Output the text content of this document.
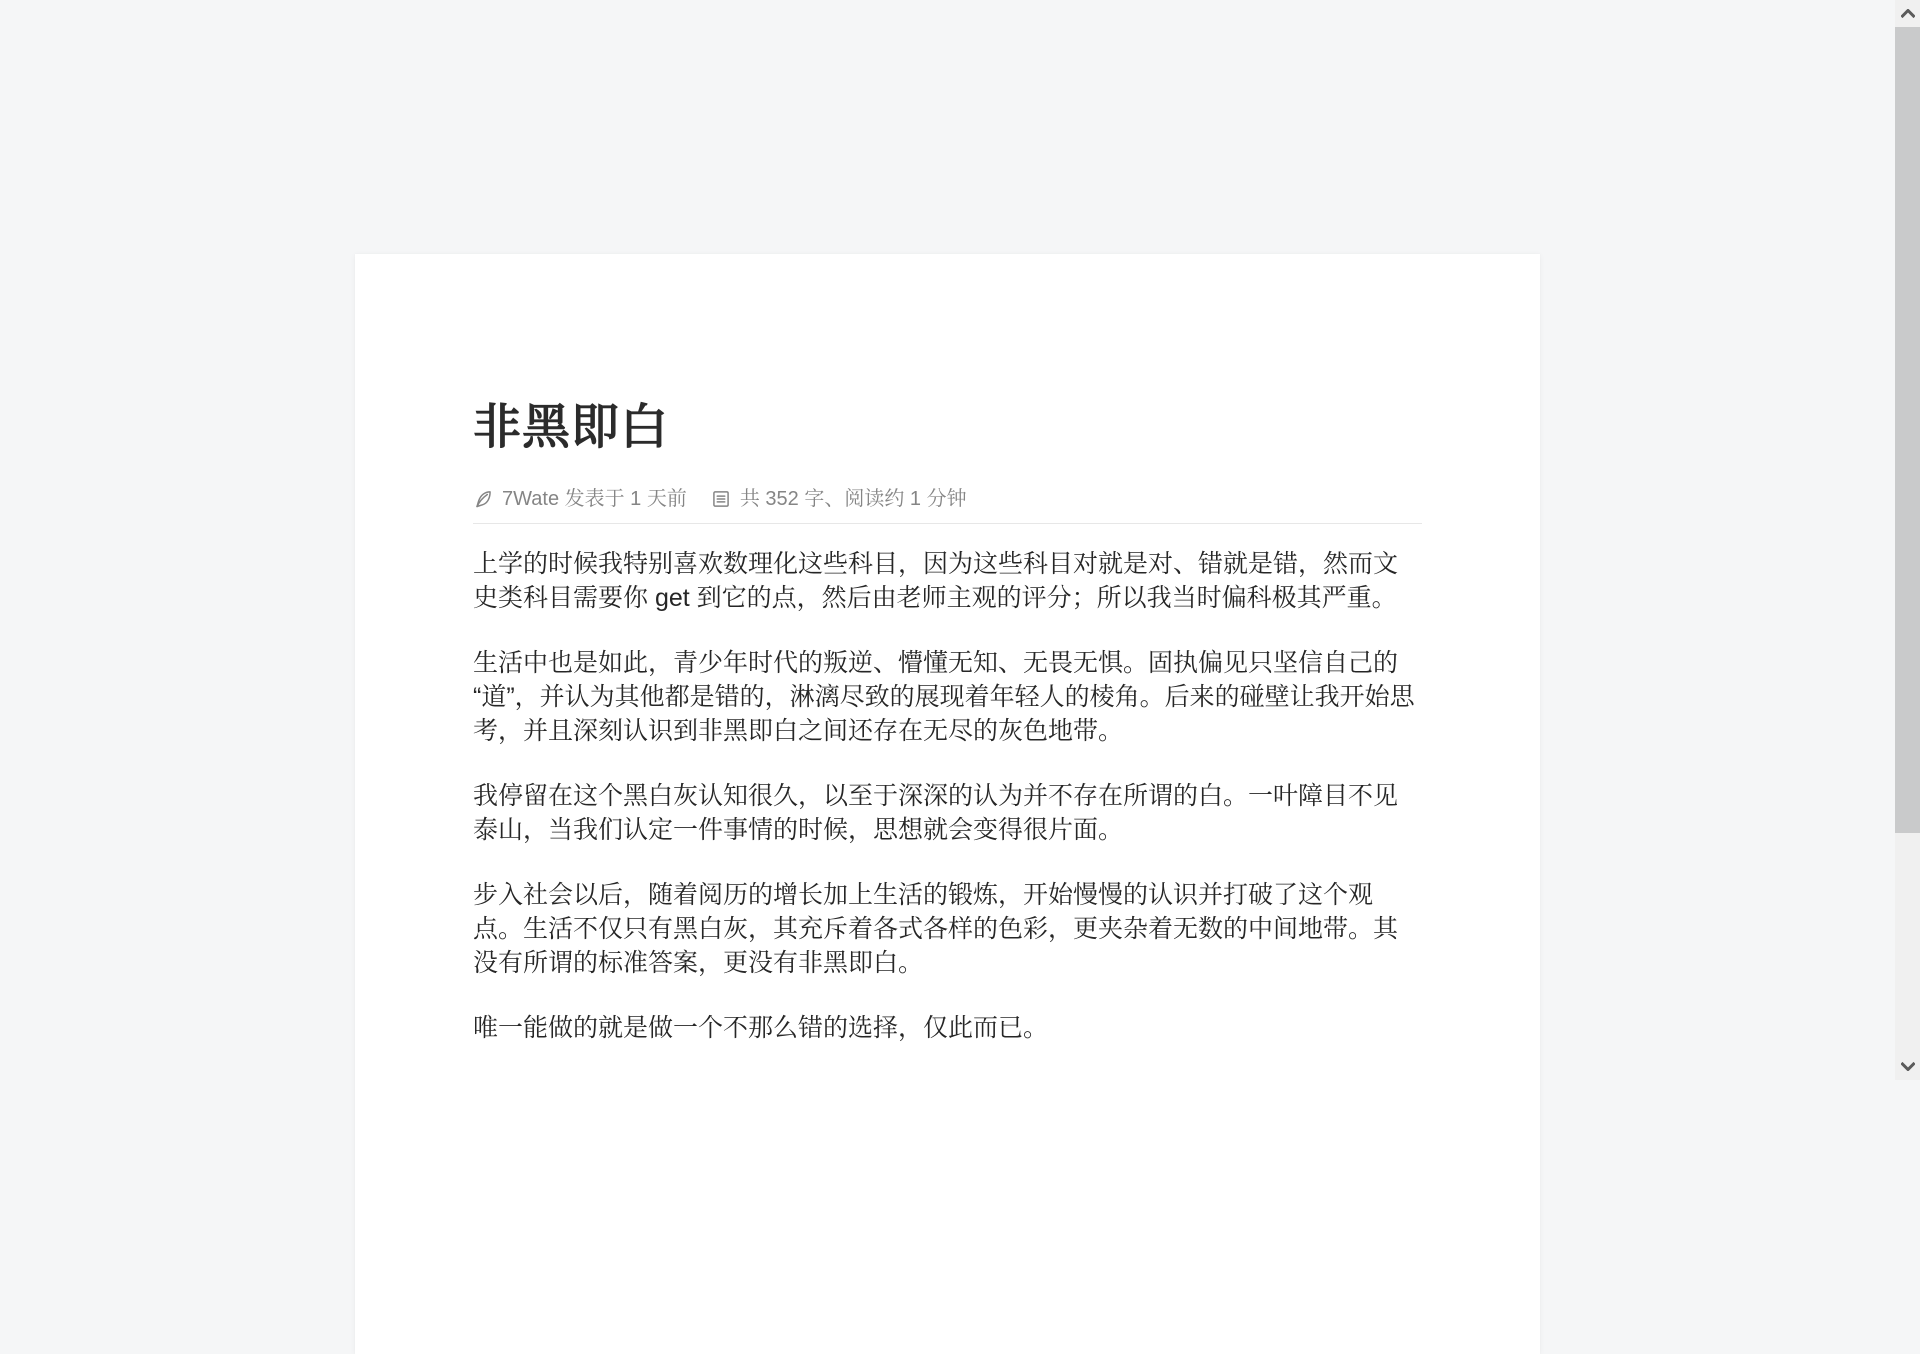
非黑即白
7Wate 发表于 1 天前	共 352 字、阅读约 1 分钟

上学的时候我特别喜欢数理化这些科目，因为这些科目对就是对、错就是错，然而文史类科目需要你 get 到它的点，然后由老师主观的评分；所以我当时偏科极其严重。

生活中也是如此，青少年时代的叛逆、懵懂无知、无畏无惧。固执偏见只坚信自己的“道”，并认为其他都是错的，淋漓尽致的展现着年轻人的棱角。后来的碰壁让我开始思考，并且深刻认识到非黑即白之间还存在无尽的灰色地带。

我停留在这个黑白灰认知很久，以至于深深的认为并不存在所谓的白。一叶障目不见泰山，当我们认定一件事情的时候，思想就会变得很片面。

步入社会以后，随着阅历的增长加上生活的锻炼，开始慢慢的认识并打破了这个观点。生活不仅只有黑白灰，其充斥着各式各样的色彩，更夹杂着无数的中间地带。其没有所谓的标准答案，更没有非黑即白。

唯一能做的就是做一个不那么错的选择，仅此而已。
